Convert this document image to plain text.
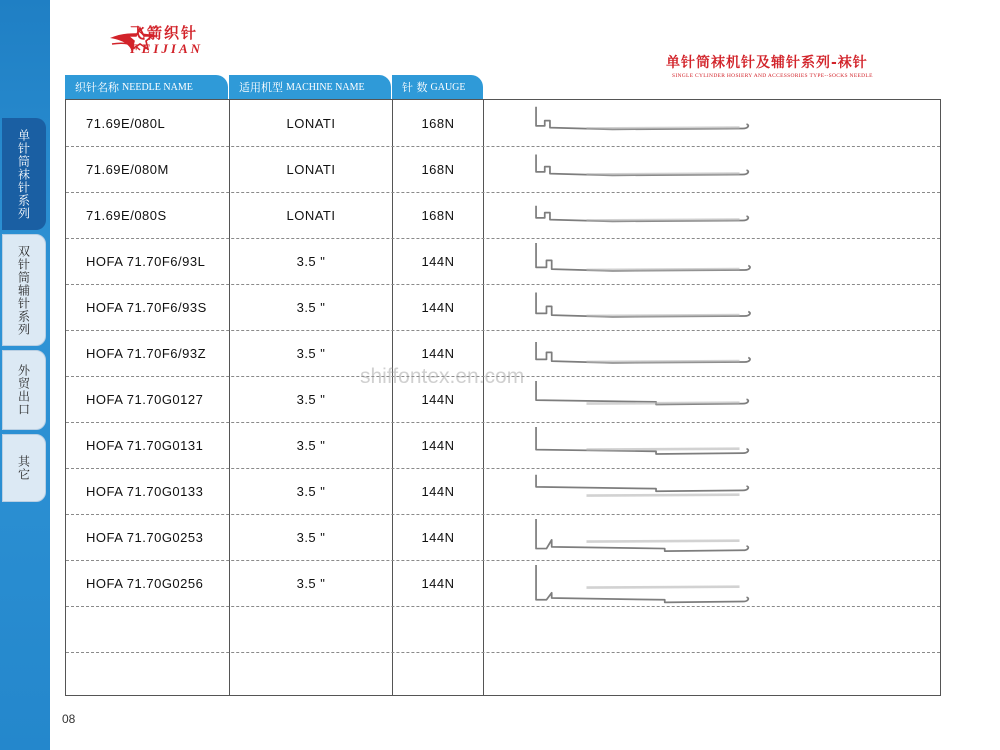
单针筒袜针系列
双针筒辅针系列
外贸出口
其它
飞箭织针
FEIJIAN
单针筒袜机针及辅针系列-袜针
SINGLE CYLINDER HOSIERY AND ACCESSORIES TYPE--SOCKS NEEDLE
织针名称 NEEDLE NAME	适用机型 MACHINE NAME	针 数 GAUGE
71.69E/080L	LONATI	168N
71.69E/080M	LONATI	168N
71.69E/080S	LONATI	168N
HOFA 71.70F6/93L	3.5 "	144N
HOFA 71.70F6/93S	3.5 "	144N
HOFA 71.70F6/93Z	3.5 "	144N
HOFA 71.70G0127	3.5 "	144N
HOFA 71.70G0131	3.5 "	144N
HOFA 71.70G0133	3.5 "	144N
HOFA 71.70G0253	3.5 "	144N
HOFA 71.70G0256	3.5 "	144N
shiffontex.en.com
08
